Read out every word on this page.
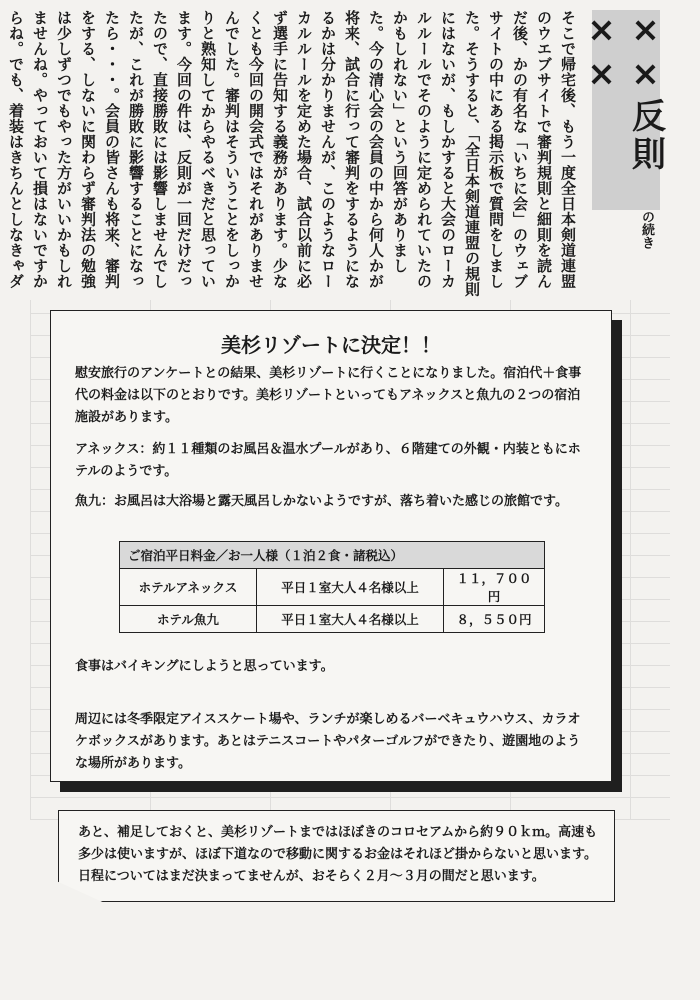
××反則××
の続き

そこで帰宅後、もう一度全日本剣道連盟のウエブサイトで審判規則と細則を読んだ後、かの有名な「いちに会」のウェブサイトの中にある掲示板で質問をしました。そうすると、「全日本剣道連盟の規則にはないが、もしかすると大会のローカルルールでそのように定められていたのかもしれない」という回答がありました。今の清心会の会員の中から何人かが将来、試合に行って審判をするようになるかは分かりませんが、このようなローカルルールを定めた場合、試合以前に必ず選手に告知する義務があります。少なくとも今回の開会式ではそれがありませんでした。審判はそういうことをしっかりと熟知してからやるべきだと思っています。今回の件は、反則が一回だけだったので、直接勝敗には影響しませんでしたが、これが勝敗に影響することになったら・・・。会員の皆さんも将来、審判をする、しないに関わらず審判法の勉強は少しずつでもやった方がいいかもしれませんね。やっておいて損はないですからね。でも、着装はきちんとしなきゃダ

美杉リゾートに決定！！
慰安旅行のアンケートとの結果、美杉リゾートに行くことになりました。宿泊代＋食事代の料金は以下のとおりです。美杉リゾートといってもアネックスと魚九の２つの宿泊施設があります。
アネックス：約１１種類のお風呂＆温水プールがあり、６階建ての外観・内装ともにホテルのようです。
魚九：お風呂は大浴場と露天風呂しかないようですが、落ち着いた感じの旅館です。
ご宿泊平日料金／お一人様（１泊２食・諸税込）		
ホテルアネックス	平日１室大人４名様以上	１１，７００円
ホテル魚九	平日１室大人４名様以上	８，５５０円
食事はバイキングにしようと思っています。
周辺には冬季限定アイススケート場や、ランチが楽しめるバーベキュウハウス、カラオケボックスがあります。あとはテニスコートやパターゴルフができたり、遊園地のような場所があります。
あと、補足しておくと、美杉リゾートまではほぼきのコロセアムから約９０ｋｍ。高速も多少は使いますが、ほぼ下道なので移動に関するお金はそれほど掛からないと思います。日程についてはまだ決まってませんが、おそらく２月～３月の間だと思います。
